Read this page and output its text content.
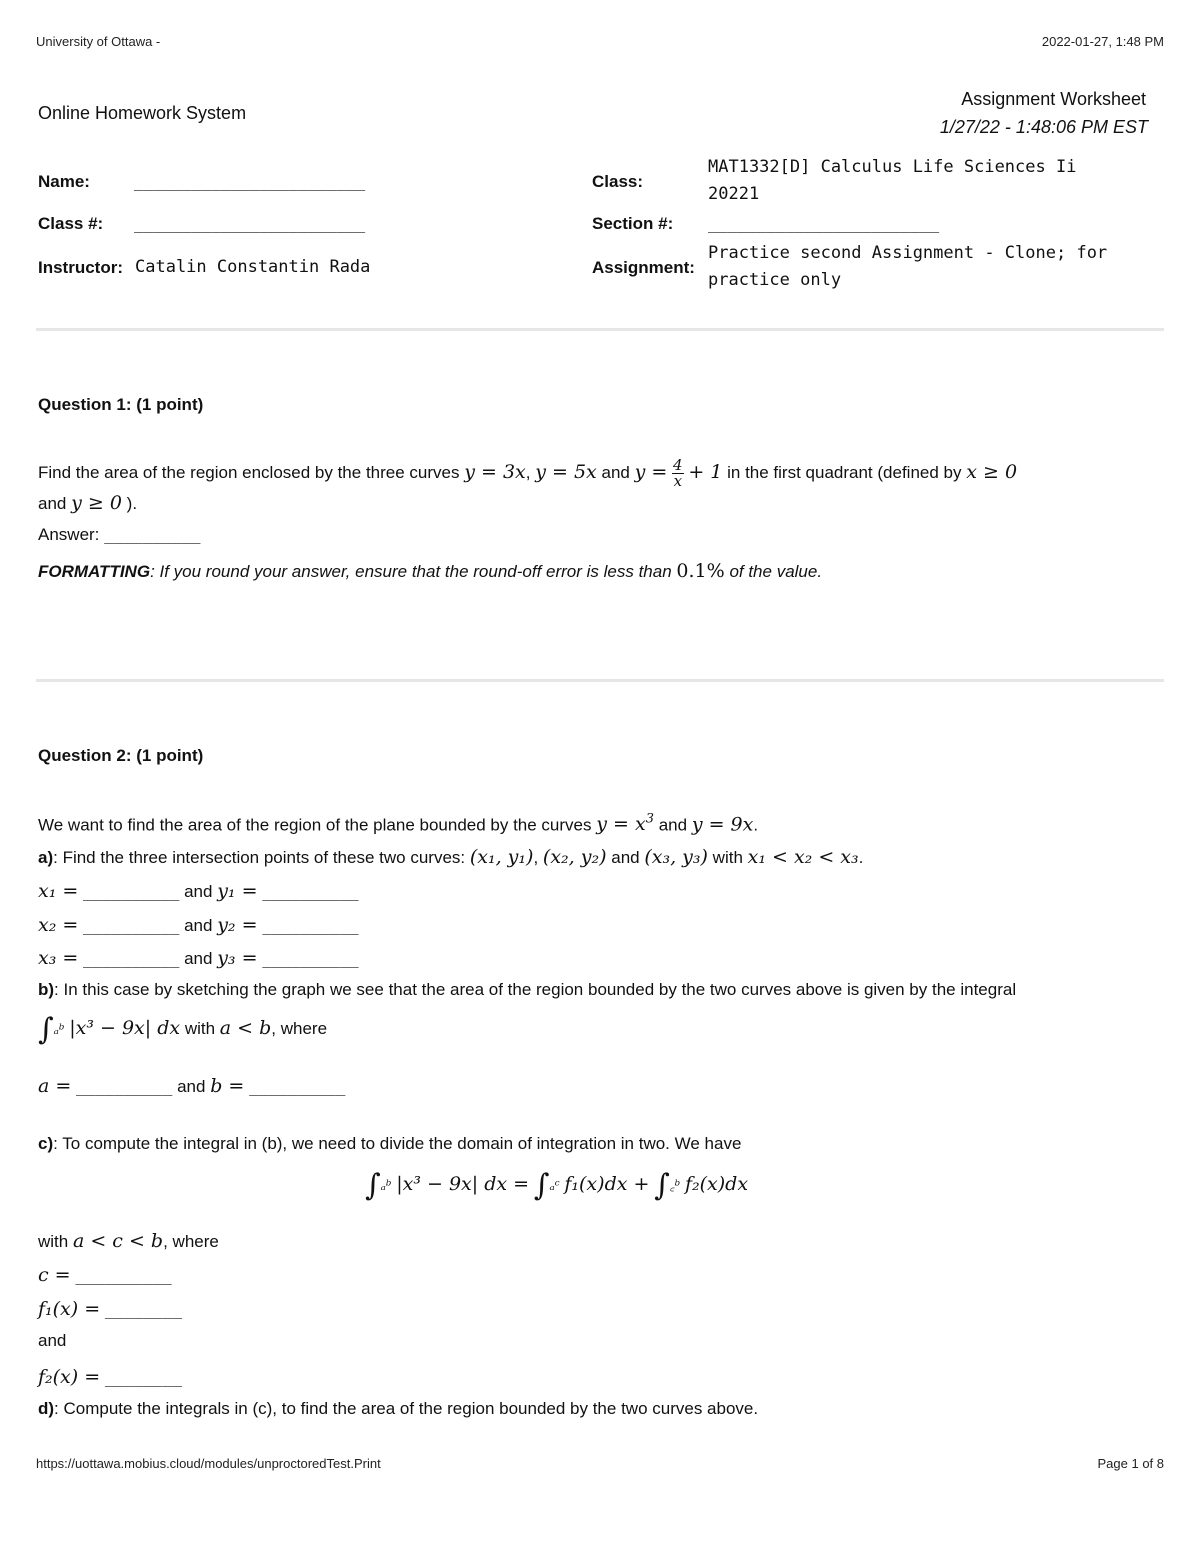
University of Ottawa -	2022-01-27, 1:48 PM
Online Homework System
Assignment Worksheet
1/27/22 - 1:48:06 PM EST
Name:	________________________
Class #: ________________________
Instructor: Catalin Constantin Rada
Class:
MAT1332[D] Calculus Life Sciences Ii
20221
Section #: ________________________
Assignment:
Practice second Assignment - Clone; for
practice only
Question 1: (1 point)
Find the area of the region enclosed by the three curves y = 3x, y = 5x and $y = \frac{4}{x} + 1$ in the first quadrant (defined by x ≥ 0
and y ≥ 0 ).
Answer: __________
FORMATTING: If you round your answer, ensure that the round-off error is less than 0.1% of the value.
Question 2: (1 point)
We want to find the area of the region of the plane bounded by the curves $y = x^3$ and y = 9x.
a): Find the three intersection points of these two curves: (x₁, y₁), (x₂, y₂) and (x₃, y₃) with x₁ < x₂ < x₃.
x₁ = __________ and y₁ = __________
x₂ = __________ and y₂ = __________
x₃ = __________ and y₃ = __________
b): In this case by sketching the graph we see that the area of the region bounded by the two curves above is given by the integral
∫ₐᵇ |x³ − 9x| dx with a < b, where
a = __________ and b = __________
c): To compute the integral in (b), we need to divide the domain of integration in two. We have
∫ₐᵇ |x³ − 9x| dx = ∫ₐᶜ f₁(x)dx + ∫꜀ᵇ f₂(x)dx
with a < c < b, where
c = __________
f₁(x) = ________
and
f₂(x) = ________
d): Compute the integrals in (c), to find the area of the region bounded by the two curves above.
https://uottawa.mobius.cloud/modules/unproctoredTest.Print	Page 1 of 8
